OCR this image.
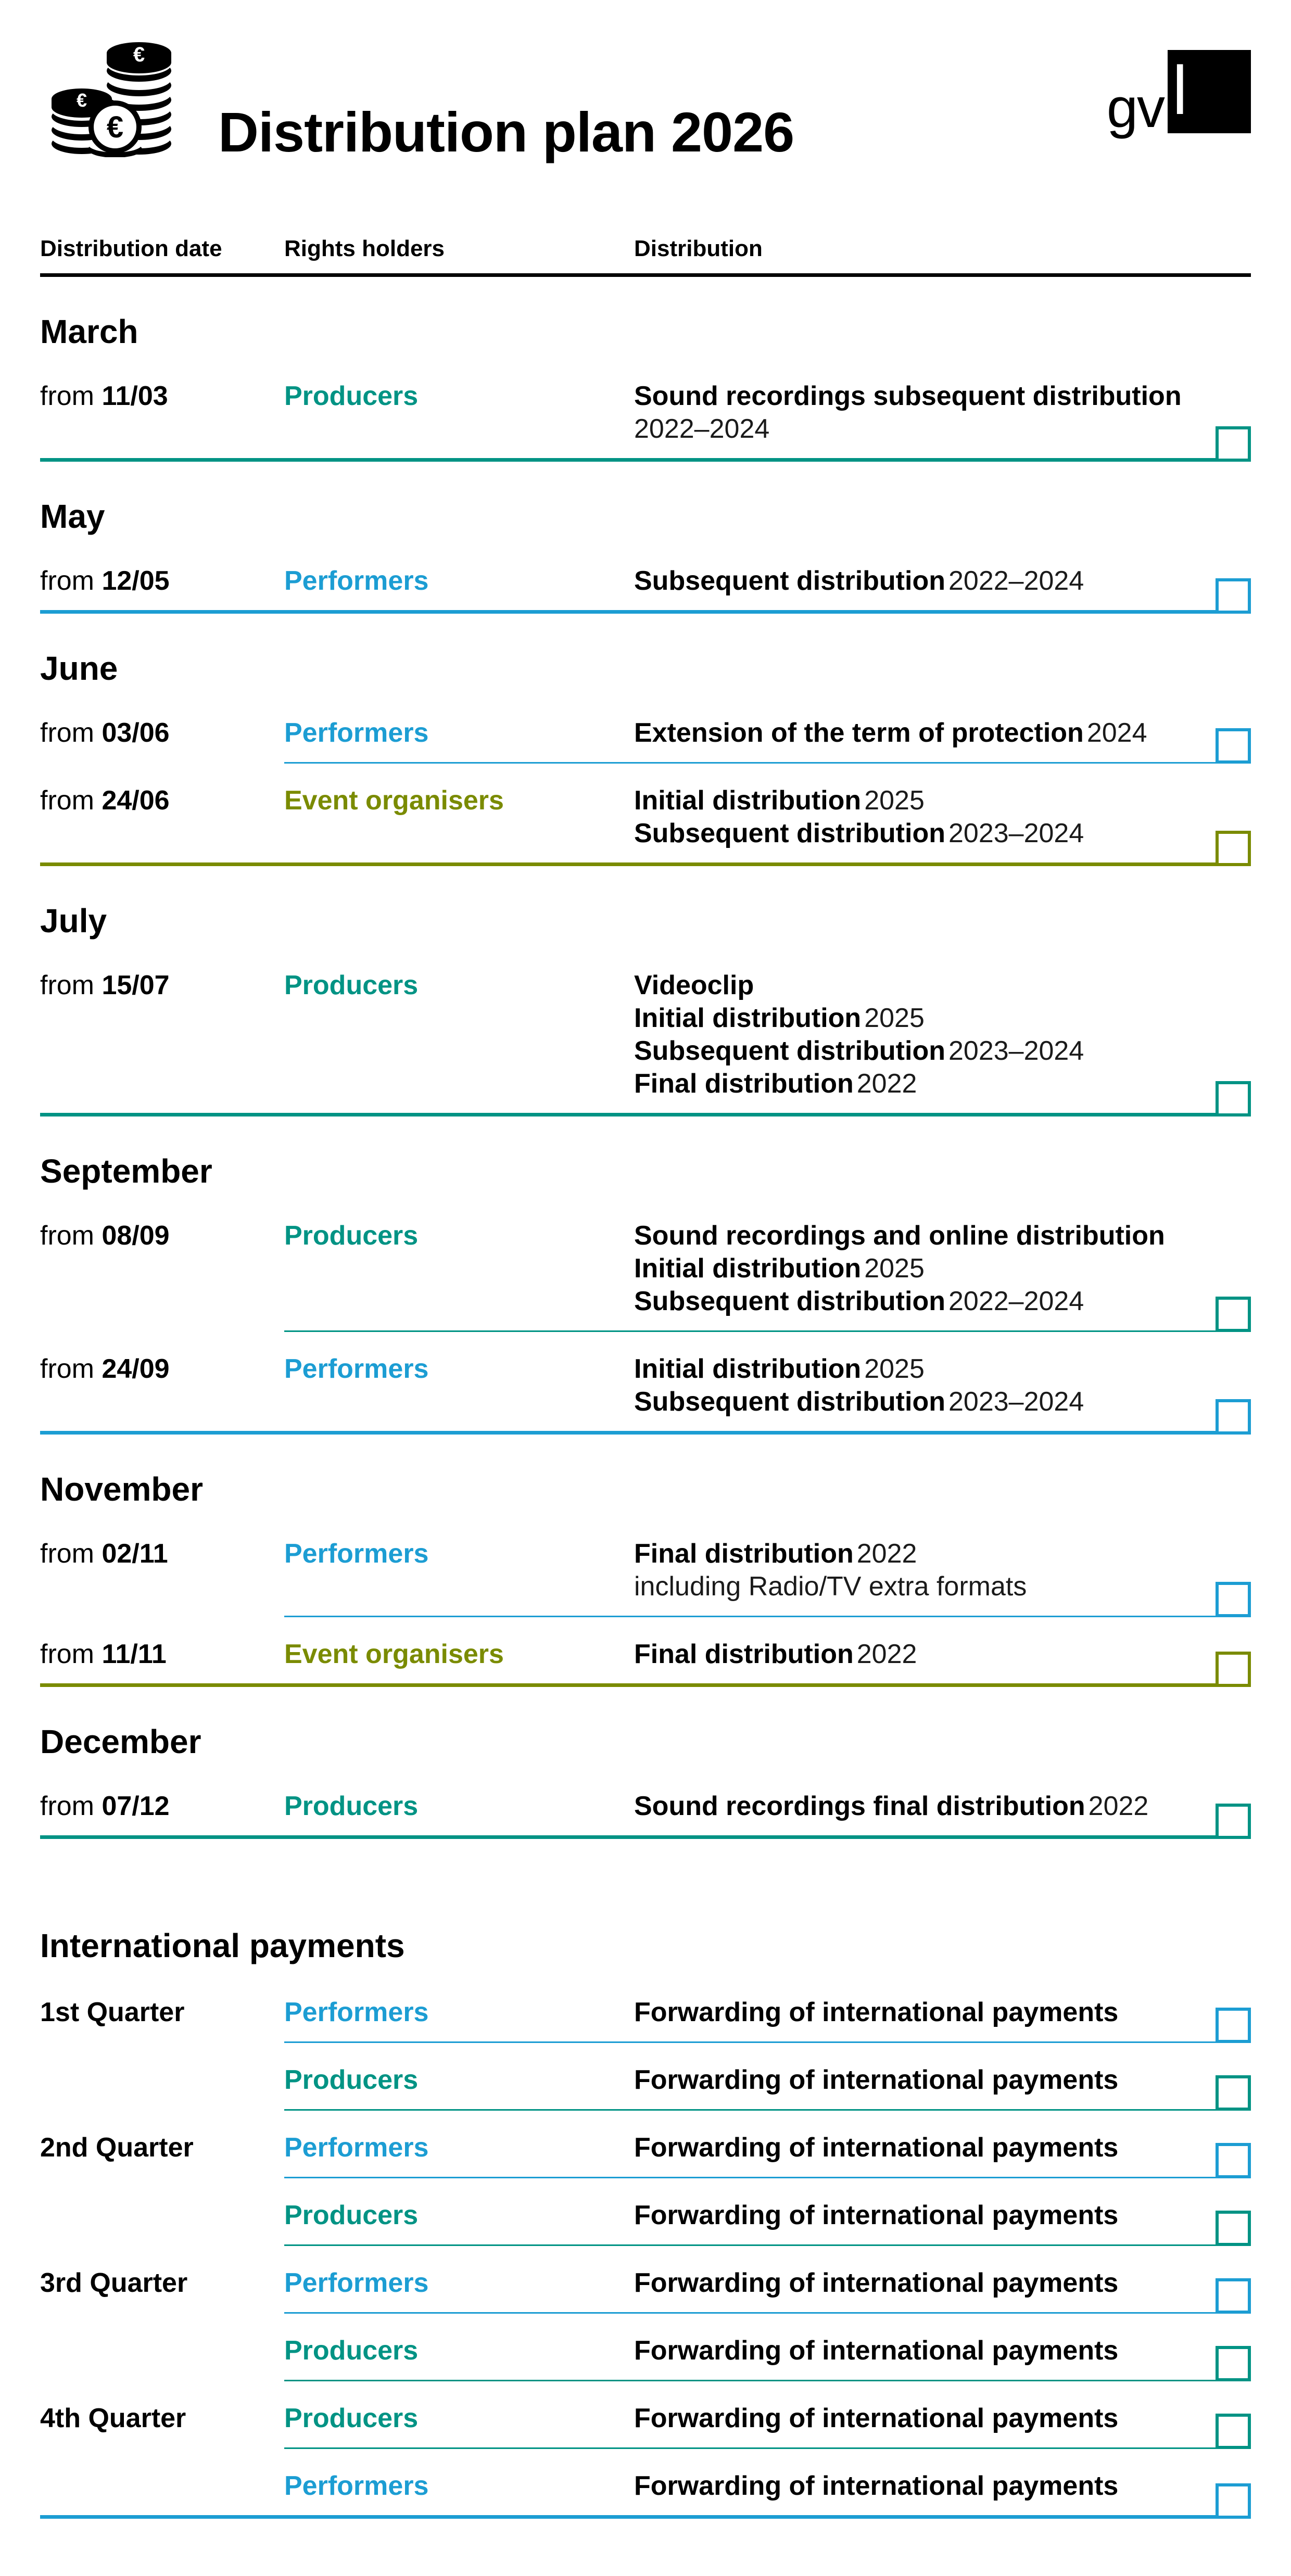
€
€
€ Distribution plan 2026	gv l
Distribution date	Rights holders	Distribution
March
from 11/03	Producers	Sound recordings subsequent distribution
2022–2024
May
from 12/05	Performers	Subsequent distribution 2022–2024
June
from 03/06	Performers	Extension of the term of protection 2024
from 24/06	Event organisers	Initial distribution 2025
Subsequent distribution 2023–2024
July
from 15/07	Producers	Videoclip
Initial distribution 2025
Subsequent distribution 2023–2024
Final distribution 2022
September
from 08/09	Producers	Sound recordings and online distribution
Initial distribution 2025
Subsequent distribution 2022–2024
from 24/09	Performers	Initial distribution 2025
Subsequent distribution 2023–2024
November
from 02/11	Performers	Final distribution 2022
including Radio/TV extra formats
from 11/11	Event organisers	Final distribution 2022
December
from 07/12	Producers	Sound recordings final distribution 2022
International payments
1st Quarter	Performers	Forwarding of international payments
Producers	Forwarding of international payments
2nd Quarter	Performers	Forwarding of international payments
Producers	Forwarding of international payments
3rd Quarter	Performers	Forwarding of international payments
Producers	Forwarding of international payments
4th Quarter	Producers	Forwarding of international payments
Performers	Forwarding of international payments
